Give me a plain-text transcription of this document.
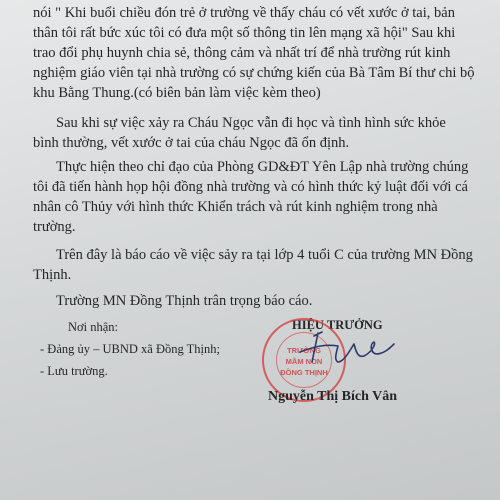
nói " Khi buổi chiều đón trẻ ở trường về thấy cháu có vết xước ở tai, bản
thân tôi rất bức xúc tôi có đưa một số thông tin lên mạng xã hội" Sau khi
trao đổi phụ huynh chia sẻ, thông cảm và nhất trí để nhà trường rút kinh
nghiệm giáo viên tại nhà trường có sự chứng kiến của Bà Tâm Bí thư chi bộ
khu Bằng Thung.(có biên bản làm việc kèm theo)
Sau khi sự việc xảy ra Cháu Ngọc vẫn đi học và tình hình sức khỏe
bình thường, vết xước ở tai của cháu Ngọc đã ổn định.
Thực hiện theo chỉ đạo của Phòng GD&ĐT Yên Lập nhà trường chúng
tôi đã tiến hành họp hội đồng nhà trường và có hình thức kỷ luật đối với cá
nhân cô Thủy với hình thức Khiển trách và rút kinh nghiệm trong nhà
trường.
Trên đây là báo cáo về việc sảy ra tại lớp 4 tuổi C của trường MN Đồng
Thịnh.
Trường MN Đồng Thịnh trân trọng báo cáo.
Nơi nhận:
- Đảng ủy – UBND xã Đồng Thịnh;
- Lưu trường.
HIỆU TRƯỞNG
TRƯỜNG
MẦM NON
ĐỒNG THỊNH
Nguyễn Thị Bích Vân
